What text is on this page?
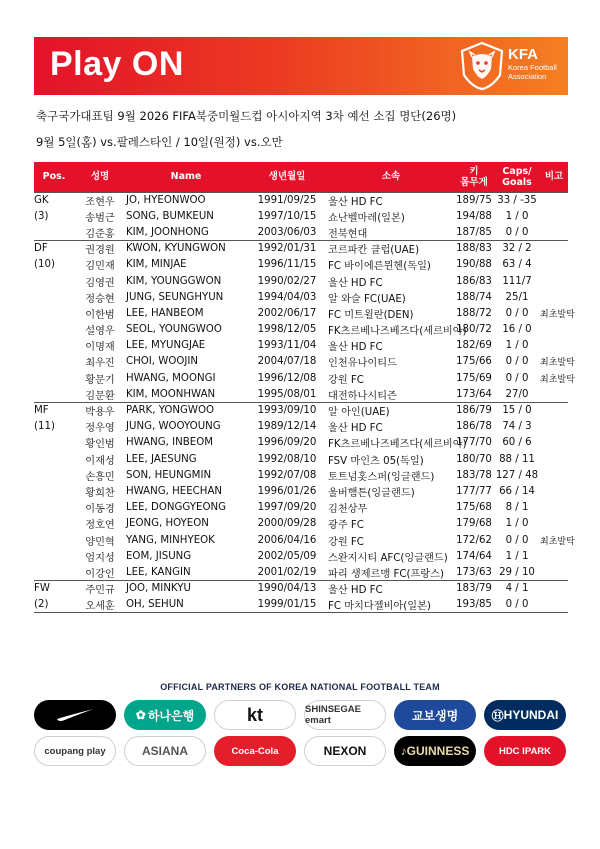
Play ON	KFA
Korea Football
Association
축구국가대표팀 9월 2026 FIFA북중미월드컵 아시아지역 3차 예선 소집 명단(26명)
9월 5일(홈) vs.팔레스타인 / 10일(원정) vs.오만
Pos.	성명	Name	생년월일	소속	키
몸무게	Caps/
Goals	비고
GK	조현우	JO, HYEONWOO	1991/09/25	울산 HD FC	189/75	33 / -35	
(3)	송범근	SONG, BUMKEUN	1997/10/15	쇼난벨마레(일본)	194/88	1 / 0	
	김준홍	KIM, JOONHONG	2003/06/03	전북현대	187/85	0 / 0	
DF	권경원	KWON, KYUNGWON	1992/01/31	코르파칸 클럽(UAE)	188/83	32 / 2	
(10)	김민재	KIM, MINJAE	1996/11/15	FC 바이에른뮌헨(독일)	190/88	63 / 4	
	김영권	KIM, YOUNGGWON	1990/02/27	울산 HD FC	186/83	111/7	
	정승현	JUNG, SEUNGHYUN	1994/04/03	알 와슬 FC(UAE)	188/74	25/1	
	이한범	LEE, HANBEOM	2002/06/17	FC 미트윌란(DEN)	188/72	0 / 0	최초발탁
	설영우	SEOL, YOUNGWOO	1998/12/05	FK츠르베나즈베즈다(세르비아)	180/72	16 / 0	
	이명재	LEE, MYUNGJAE	1993/11/04	울산 HD FC	182/69	1 / 0	
	최우진	CHOI, WOOJIN	2004/07/18	인천유나이티드	175/66	0 / 0	최초발탁
	황문기	HWANG, MOONGI	1996/12/08	강원 FC	175/69	0 / 0	최초발탁
	김문환	KIM, MOONHWAN	1995/08/01	대전하나시티즌	173/64	27/0	
MF	박용우	PARK, YONGWOO	1993/09/10	알 아인(UAE)	186/79	15 / 0	
(11)	정우영	JUNG, WOOYOUNG	1989/12/14	울산 HD FC	186/78	74 / 3	
	황인범	HWANG, INBEOM	1996/09/20	FK츠르베나즈베즈다(세르비아)	177/70	60 / 6	
	이재성	LEE, JAESUNG	1992/08/10	FSV 마인츠 05(독일)	180/70	88 / 11	
	손흥민	SON, HEUNGMIN	1992/07/08	토트넘홋스퍼(잉글랜드)	183/78	127 / 48	
	황희찬	HWANG, HEECHAN	1996/01/26	울버햄튼(잉글랜드)	177/77	66 / 14	
	이동경	LEE, DONGGYEONG	1997/09/20	김천상무	175/68	8 / 1	
	정호연	JEONG, HOYEON	2000/09/28	광주 FC	179/68	1 / 0	
	양민혁	YANG, MINHYEOK	2006/04/16	강원 FC	172/62	0 / 0	최초발탁
	엄지성	EOM, JISUNG	2002/05/09	스완지시티 AFC(잉글랜드)	174/64	1 / 1	
	이강인	LEE, KANGIN	2001/02/19	파리 생제르맹 FC(프랑스)	173/63	29 / 10	
FW	주민규	JOO, MINKYU	1990/04/13	울산 HD FC	183/79	4 / 1	
(2)	오세훈	OH, SEHUN	1999/01/15	FC 마치다젤비아(일본)	193/85	0 / 0	
OFFICIAL PARTNERS OF KOREA NATIONAL FOOTBALL TEAM
✿ 하나은행	kt	SHINSEGAE emart	교보생명	Ⓗ HYUNDAI
coupang play	ASIANA	Coca-Cola	NEXON	♪ GUINNESS	HDC IPARK
